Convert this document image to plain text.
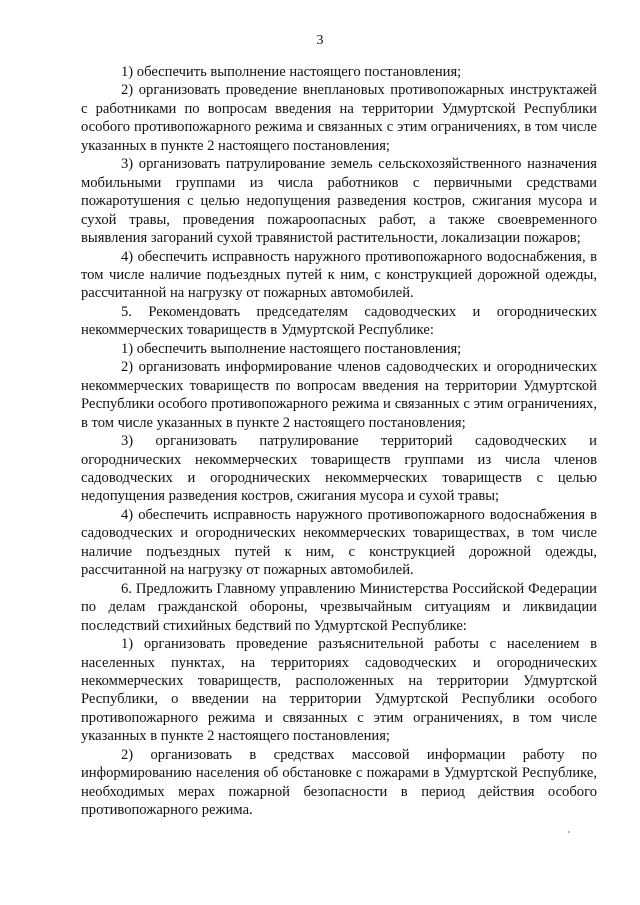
3

1) обеспечить выполнение настоящего постановления;

2) организовать проведение внеплановых противопожарных инструктажей с работниками по вопросам введения на территории Удмуртской Республики особого противопожарного режима и связанных с этим ограничениях, в том числе указанных в пункте 2 настоящего постановления;

3) организовать патрулирование земель сельскохозяйственного назначения мобильными группами из числа работников с первичными средствами пожаротушения с целью недопущения разведения костров, сжигания мусора и сухой травы, проведения пожароопасных работ, а также своевременного выявления загораний сухой травянистой растительности, локализации пожаров;

4) обеспечить исправность наружного противопожарного водоснабжения, в том числе наличие подъездных путей к ним, с конструкцией дорожной одежды, рассчитанной на нагрузку от пожарных автомобилей.

5. Рекомендовать председателям садоводческих и огороднических некоммерческих товариществ в Удмуртской Республике:

1) обеспечить выполнение настоящего постановления;

2) организовать информирование членов садоводческих и огороднических некоммерческих товариществ по вопросам введения на территории Удмуртской Республики особого противопожарного режима и связанных с этим ограничениях, в том числе указанных в пункте 2 настоящего постановления;

3) организовать патрулирование территорий садоводческих и огороднических некоммерческих товариществ группами из числа членов садоводческих и огороднических некоммерческих товариществ с целью недопущения разведения костров, сжигания мусора и сухой травы;

4) обеспечить исправность наружного противопожарного водоснабжения в садоводческих и огороднических некоммерческих товариществах, в том числе наличие подъездных путей к ним, с конструкцией дорожной одежды, рассчитанной на нагрузку от пожарных автомобилей.

6. Предложить Главному управлению Министерства Российской Федерации по делам гражданской обороны, чрезвычайным ситуациям и ликвидации последствий стихийных бедствий по Удмуртской Республике:

1) организовать проведение разъяснительной работы с населением в населенных пунктах, на территориях садоводческих и огороднических некоммерческих товариществ, расположенных на территории Удмуртской Республики, о введении на территории Удмуртской Республики особого противопожарного режима и связанных с этим ограничениях, в том числе указанных в пункте 2 настоящего постановления;

2) организовать в средствах массовой информации работу по информированию населения об обстановке с пожарами в Удмуртской Республике, необходимых мерах пожарной безопасности в период действия особого противопожарного режима.
